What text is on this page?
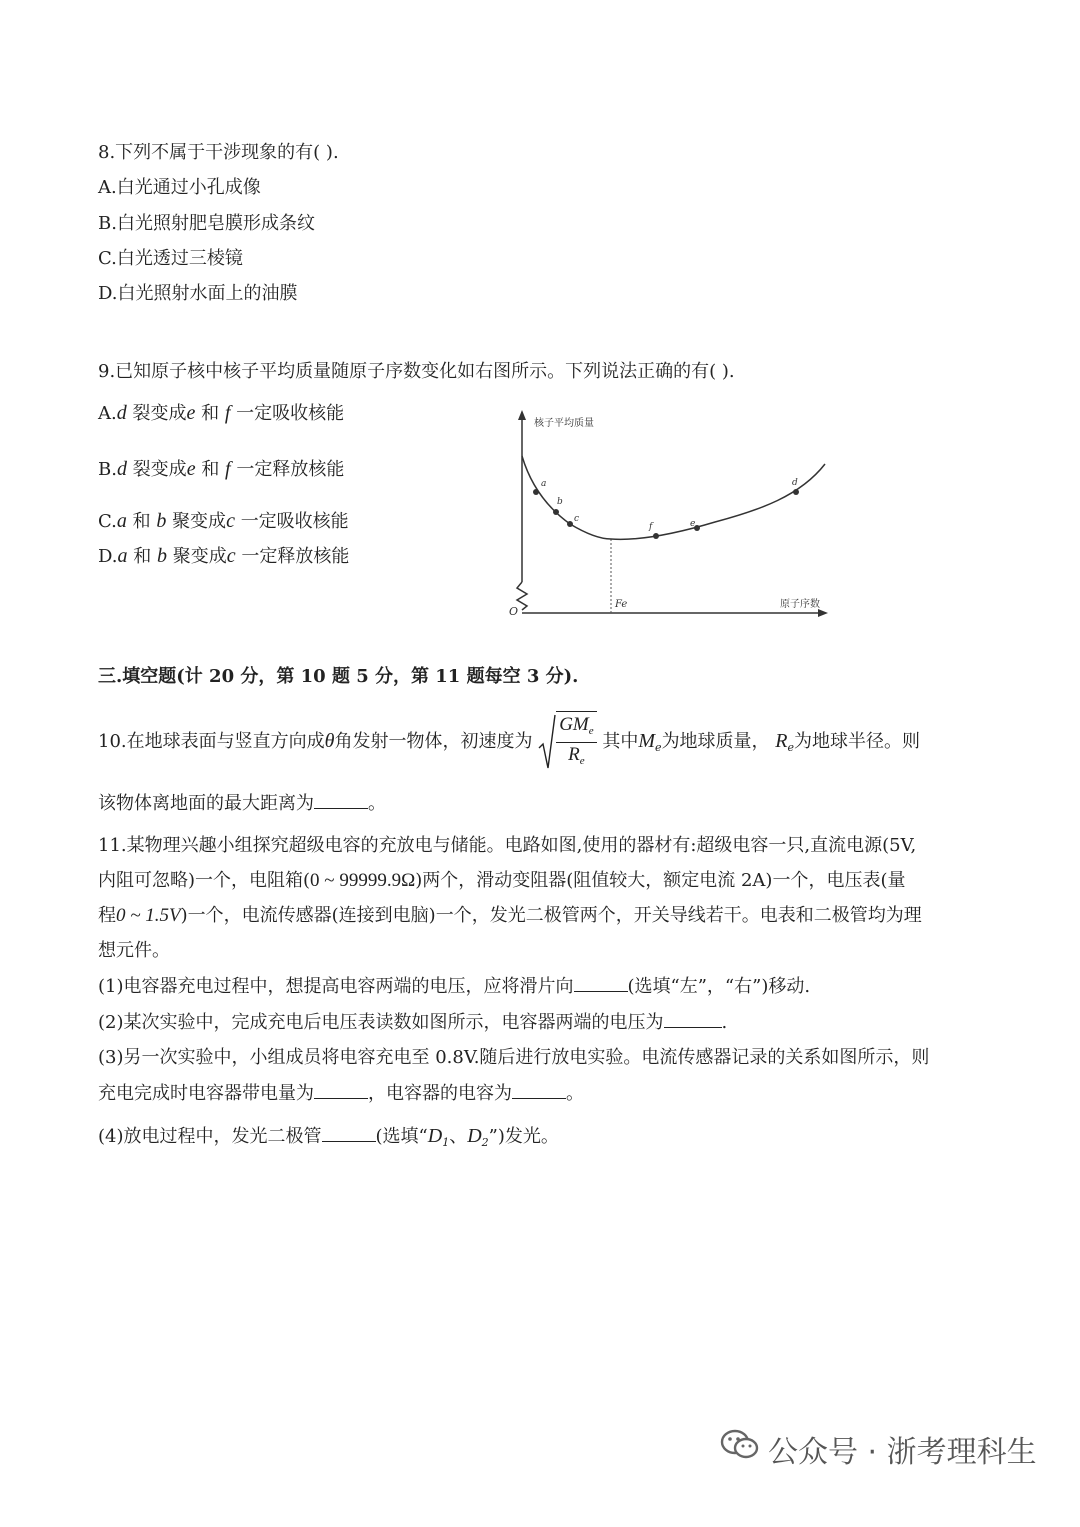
8.下列不属于干涉现象的有( ).
A.白光通过小孔成像
B.白光照射肥皂膜形成条纹
C.白光透过三棱镜
D.白光照射水面上的油膜
9.已知原子核中核子平均质量随原子序数变化如右图所示。下列说法正确的有( ).
A.d 裂变成e 和 f 一定吸收核能
B.d 裂变成e 和 f 一定释放核能
C.a 和 b 聚变成c 一定吸收核能
D.a 和 b 聚变成c 一定释放核能
核子平均质量
原子序数
O
Fe
a
b
c
f	e
d
三.填空题(计 20 分，第 10 题 5 分，第 11 题每空 3 分).
10.在地球表面与竖直方向成θ角发射一物体，初速度为 $\frac{GM_e}{R_e}$ 其中$M_e$为地球质量， $R_e$为地球半径。则
该物体离地面的最大距离为	。
11.某物理兴趣小组探究超级电容的充放电与储能。电路如图,使用的器材有:超级电容一只,直流电源(5V,
内阻可忽略)一个，电阻箱(0 ~ 99999.9Ω)两个，滑动变阻器(阻值较大，额定电流 2A)一个，电压表(量
程0 ~ 1.5V)一个，电流传感器(连接到电脑)一个，发光二极管两个，开关导线若干。电表和二极管均为理
想元件。
(1)电容器充电过程中，想提高电容两端的电压，应将滑片向	(选填“左”，“右”)移动.
(2)某次实验中，完成充电后电压表读数如图所示，电容器两端的电压为	.
(3)另一次实验中，小组成员将电容充电至 0.8V.随后进行放电实验。电流传感器记录的关系如图所示，则
充电完成时电容器带电量为	，电容器的电容为	。
(4)放电过程中，发光二极管	(选填“$D_1$、$D_2$”)发光。
公众号 · 浙考理科生
